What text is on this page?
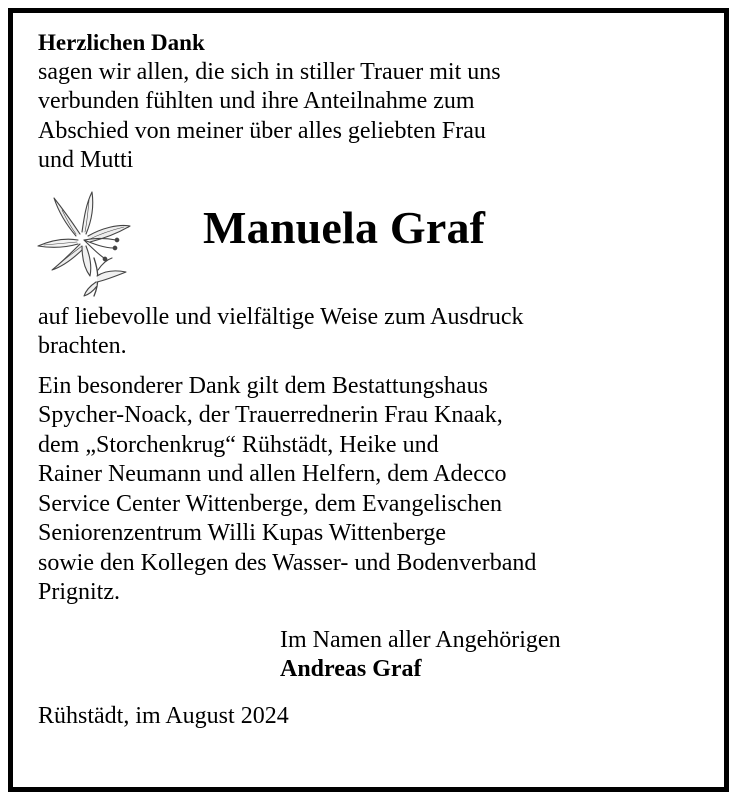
Herzlichen Dank

sagen wir allen, die sich in stiller Trauer mit uns
verbunden fühlten und ihre Anteilnahme zum
Abschied von meiner über alles geliebten Frau
und Mutti
Manuela Graf
auf liebevolle und vielfältige Weise zum Ausdruck
brachten.
Ein besonderer Dank gilt dem Bestattungshaus
Spycher-Noack, der Trauerrednerin Frau Knaak,
dem „Storchenkrug“ Rühstädt, Heike und
Rainer Neumann und allen Helfern, dem Adecco
Service Center Wittenberge, dem Evangelischen
Seniorenzentrum Willi Kupas Wittenberge
sowie den Kollegen des Wasser- und Bodenverband
Prignitz.
Im Namen aller Angehörigen
Andreas Graf
Rühstädt, im August 2024
